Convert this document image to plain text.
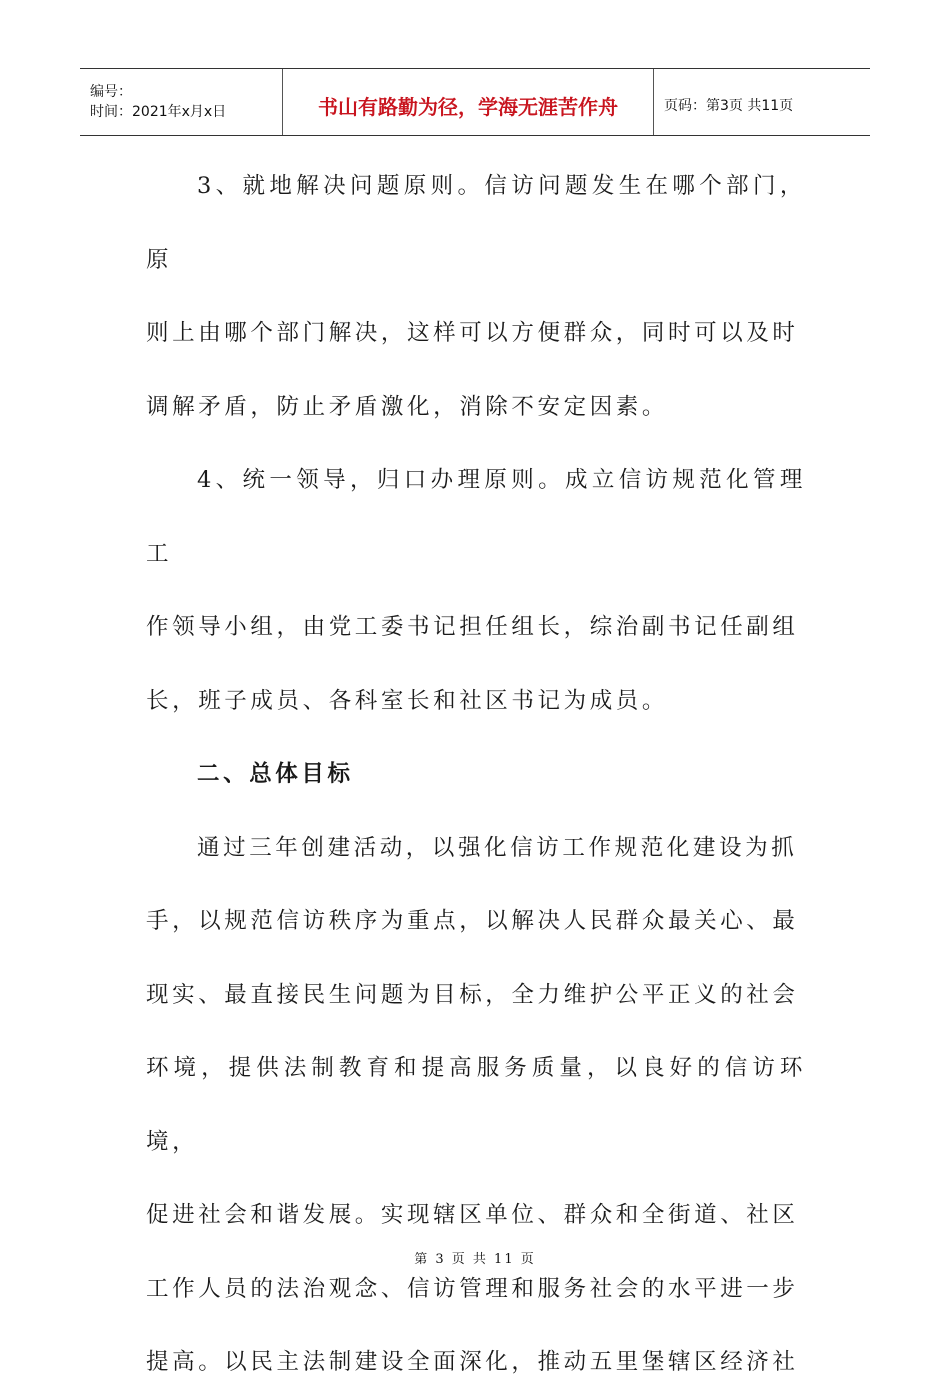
编号：
时间：2021年x月x日	书山有路勤为径，学海无涯苦作舟	页码：第3页 共11页

3、就地解决问题原则。信访问题发生在哪个部门，原
则上由哪个部门解决，这样可以方便群众，同时可以及时
调解矛盾，防止矛盾激化，消除不安定因素。

4、统一领导，归口办理原则。成立信访规范化管理工
作领导小组，由党工委书记担任组长，综治副书记任副组
长，班子成员、各科室长和社区书记为成员。

二、总体目标

通过三年创建活动，以强化信访工作规范化建设为抓
手，以规范信访秩序为重点，以解决人民群众最关心、最
现实、最直接民生问题为目标，全力维护公平正义的社会
环境，提供法制教育和提高服务质量，以良好的信访环境，
促进社会和谐发展。实现辖区单位、群众和全街道、社区
工作人员的法治观念、信访管理和服务社会的水平进一步
提高。以民主法制建设全面深化，推动五里堡辖区经济社

第 3 页 共 11 页
